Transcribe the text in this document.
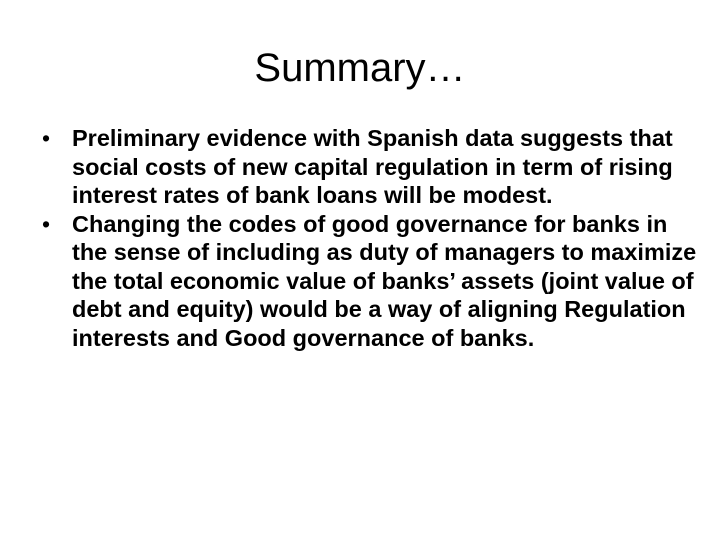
Summary…
• Preliminary evidence with Spanish data suggests that social costs of new capital regulation in term of rising interest rates of bank loans will be modest.
• Changing the codes of good governance for banks in the sense of including as duty of managers to maximize the total economic value of banks’ assets (joint value of debt and equity) would be a way of aligning Regulation interests and Good governance of banks.
